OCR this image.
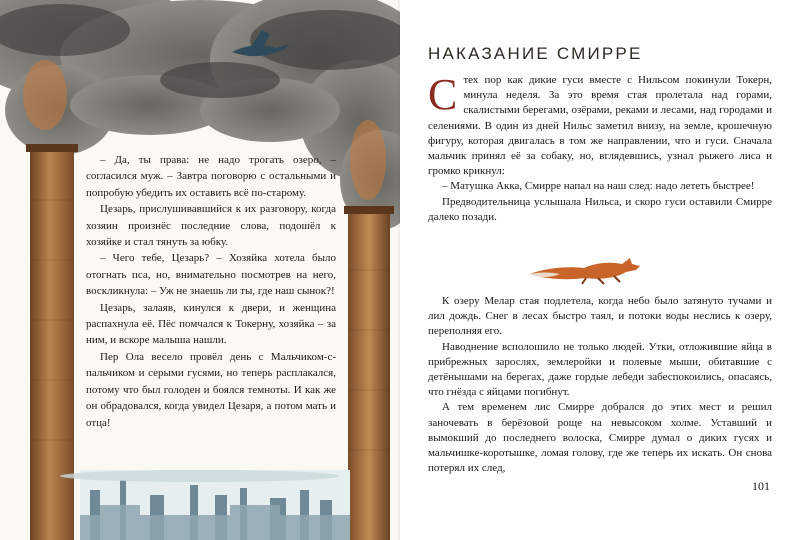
– Да, ты права: не надо трогать озеро, – согласился муж. – Завтра поговорю с остальными и попробую убедить их оставить всё по-старому.

Цезарь, прислушивавшийся к их разговору, когда хозяин произнёс последние слова, подошёл к хозяйке и стал тянуть за юбку.

– Чего тебе, Цезарь? – Хозяйка хотела было отогнать пса, но, внимательно посмотрев на него, воскликнула: – Уж не знаешь ли ты, где наш сынок?!

Цезарь, залаяв, кинулся к двери, и женщина распахнула её. Пёс помчался к Токерну, хозяйка – за ним, и вскоре малыша нашли.

Пер Ола весело провёл день с Мальчиком-с-пальчиком и серыми гусями, но теперь расплакался, потому что был голоден и боялся темноты. И как же он обрадовался, когда увидел Цезаря, а потом мать и отца!

НАКАЗАНИЕ СМИРРЕ

Стех пор как дикие гуси вместе с Нильсом покинули Токерн, минула неделя. За это время стая пролетала над горами, скалистыми берегами, озёрами, реками и лесами, над городами и селениями. В один из дней Нильс заметил внизу, на земле, крошечную фигуру, которая двигалась в том же направлении, что и гуси. Сначала мальчик принял её за собаку, но, вглядевшись, узнал рыжего лиса и громко крикнул:

– Матушка Акка, Смирре напал на наш след: надо лететь быстрее!

Предводительница услышала Нильса, и скоро гуси оставили Смирре далеко позади.

К озеру Мелар стая подлетела, когда небо было затянуто тучами и лил дождь. Снег в лесах быстро таял, и потоки воды неслись к озеру, переполняя его.

Наводнение всполошило не только людей. Утки, отложившие яйца в прибрежных зарослях, землеройки и полевые мыши, обитавшие с детёнышами на берегах, даже гордые лебеди забеспокоились, опасаясь, что гнёзда с яйцами погибнут.

А тем временем лис Смирре добрался до этих мест и решил заночевать в берёзовой роще на невысоком холме. Уставший и вымокший до последнего волоска, Смирре думал о диких гусях и мальчишке-коротышке, ломая голову, где же теперь их искать. Он снова потерял их след,

101
